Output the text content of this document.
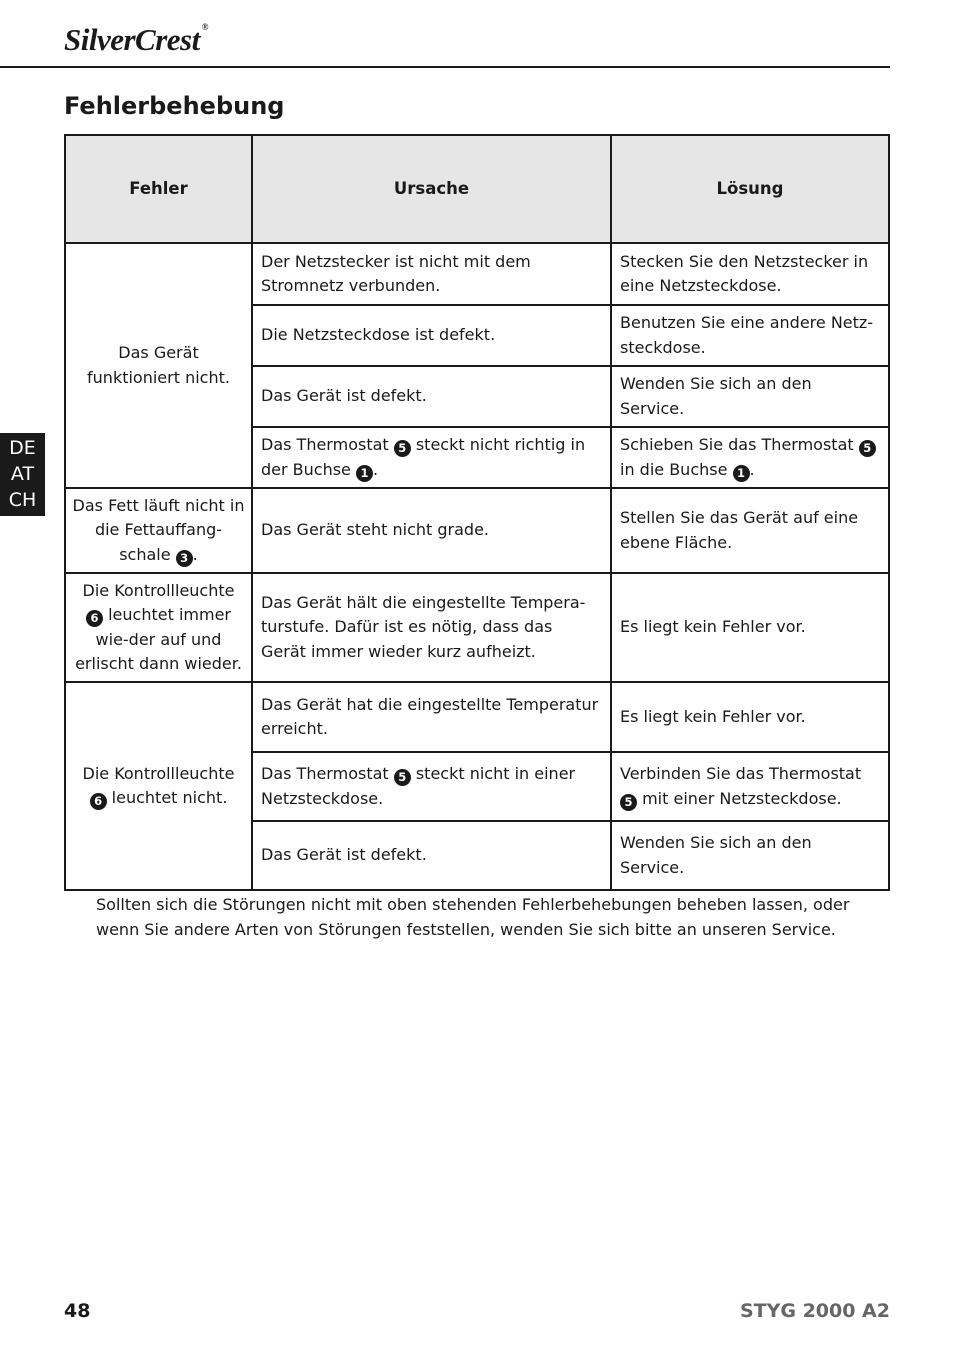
SilverCrest ®
Fehlerbehebung
DE
AT
CH
Fehler	Ursache	Lösung
Das Gerät funktioniert nicht.	Der Netzstecker ist nicht mit dem Stromnetz verbunden.	Stecken Sie den Netzstecker in eine Netzsteckdose.
	Die Netzsteckdose ist defekt.	Benutzen Sie eine andere Netz-steckdose.
	Das Gerät ist defekt.	Wenden Sie sich an den Service.
	Das Thermostat 5 steckt nicht richtig in der Buchse 1 .	Schieben Sie das Thermostat 5 in die Buchse 1 .
Das Fett läuft nicht in die Fettauffang-schale 3 .	Das Gerät steht nicht grade.	Stellen Sie das Gerät auf eine ebene Fläche.
Die Kontrollleuchte 6 leuchtet immer wie-der auf und erlischt dann wieder.	Das Gerät hält die eingestellte Tempera-turstufe. Dafür ist es nötig, dass das Gerät immer wieder kurz aufheizt.	Es liegt kein Fehler vor.
Die Kontrollleuchte 6 leuchtet nicht.	Das Gerät hat die eingestellte Temperatur erreicht.	Es liegt kein Fehler vor.
	Das Thermostat 5 steckt nicht in einer Netzsteckdose.	Verbinden Sie das Thermostat 5 mit einer Netzsteckdose.
	Das Gerät ist defekt.	Wenden Sie sich an den Service.

Sollten sich die Störungen nicht mit oben stehenden Fehlerbehebungen beheben lassen, oder wenn Sie andere Arten von Störungen feststellen, wenden Sie sich bitte an unseren Service.

48	STYG 2000 A2
